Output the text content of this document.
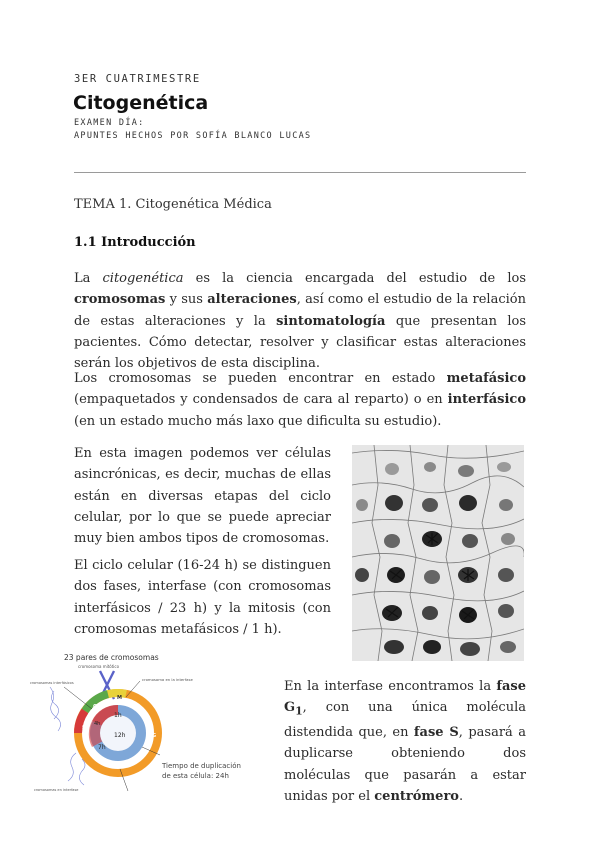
3ER CUATRIMESTRE
Citogenética
EXAMEN DÍA:
APUNTES HECHOS POR SOFÍA BLANCO LUCAS
TEMA 1. Citogenética Médica
1.1 Introducción

La citogenética es la ciencia encargada del estudio de los cromosomas y sus alteraciones, así como el estudio de la relación de estas alteraciones y la sintomatología que presentan los pacientes. Cómo detectar, resolver y clasificar estas alteraciones serán los objetivos de esta disciplina.

Los cromosomas se pueden encontrar en estado metafásico (empaquetados y condensados de cara al reparto) o en interfásico (en un estado mucho más laxo que dificulta su estudio).

En esta imagen podemos ver células asincrónicas, es decir, muchas de ellas están en diversas etapas del ciclo celular, por lo que se puede apreciar muy bien ambos tipos de cromosomas.

El ciclo celular (16-24 h) se distinguen dos fases, interfase (con cromosomas interfásicos / 23 h) y la mitosis (con cromosomas metafásicos / 1 h).

23 pares de cromosomas
cromosoma mitótico
cromosomas interfásicos
cromosoma en la interfase
M
G₂
S
G
1h
4h
7h
12h
Tiempo de duplicación
de esta célula: 24h
cromosomas en interfase

En la interfase encontramos la fase $G_1$, con una única molécula distendida que, en fase S, pasará a duplicarse obteniendo dos moléculas que pasarán a estar unidas por el centrómero.
